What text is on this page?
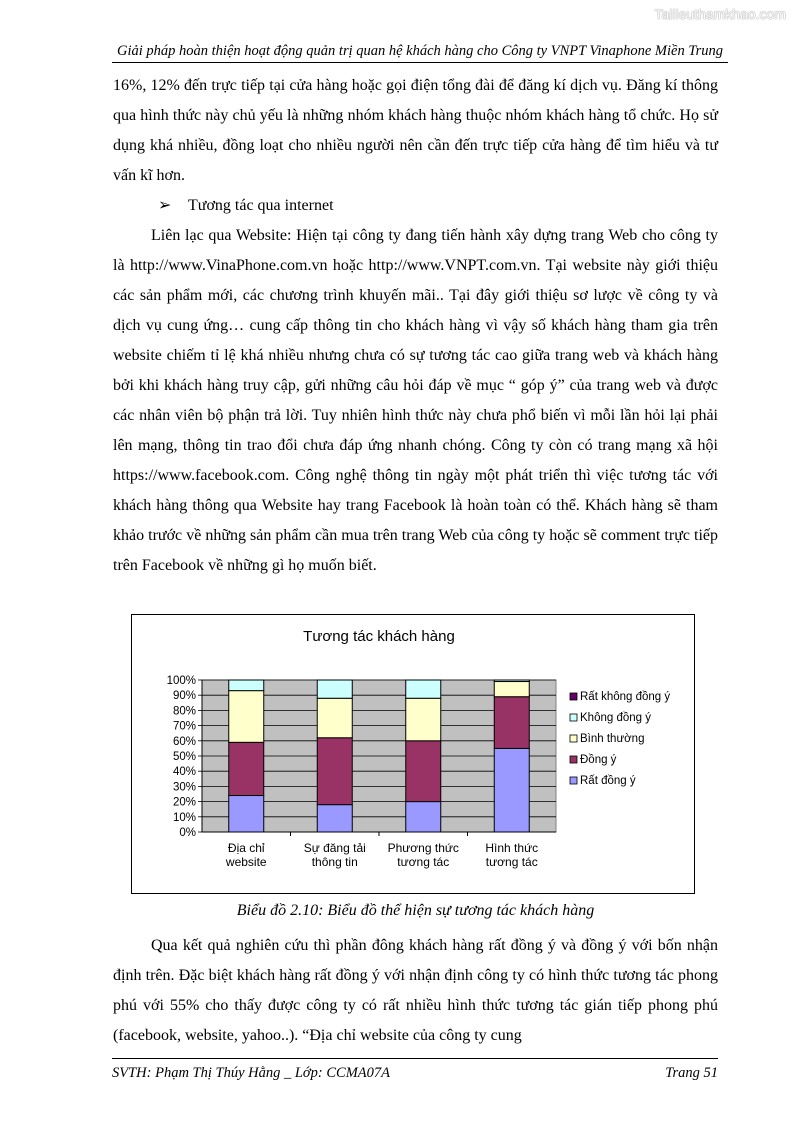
Tailieuthamkhao.com
Giải pháp hoàn thiện hoạt động quản trị quan hệ khách hàng cho Công ty VNPT Vinaphone Miền Trung

16%, 12% đến trực tiếp tại cửa hàng hoặc gọi điện tổng đài để đăng kí dịch vụ. Đăng kí thông qua hình thức này chủ yếu là những nhóm khách hàng thuộc nhóm khách hàng tổ chức. Họ sử dụng khá nhiều, đồng loạt cho nhiều người nên cần đến trực tiếp cửa hàng để tìm hiểu và tư vấn kĩ hơn.

➢ Tương tác qua internet

Liên lạc qua Website: Hiện tại công ty đang tiến hành xây dựng trang Web cho công ty là http://www.VinaPhone.com.vn hoặc http://www.VNPT.com.vn. Tại website này giới thiệu các sản phẩm mới, các chương trình khuyến mãi.. Tại đây giới thiệu sơ lược về công ty và dịch vụ cung ứng… cung cấp thông tin cho khách hàng vì vậy số khách hàng tham gia trên website chiếm tỉ lệ khá nhiều nhưng chưa có sự tương tác cao giữa trang web và khách hàng bởi khi khách hàng truy cập, gửi những câu hỏi đáp về mục “ góp ý” của trang web và được các nhân viên bộ phận trả lời. Tuy nhiên hình thức này chưa phổ biến vì mỗi lần hỏi lại phải lên mạng, thông tin trao đổi chưa đáp ứng nhanh chóng. Công ty còn có trang mạng xã hội https://www.facebook.com. Công nghệ thông tin ngày một phát triển thì việc tương tác với khách hàng thông qua Website hay trang Facebook là hoàn toàn có thể. Khách hàng sẽ tham khảo trước về những sản phẩm cần mua trên trang Web của công ty hoặc sẽ comment trực tiếp trên Facebook về những gì họ muốn biết.

Tương tác khách hàng
0%
10%
20%
30%
40%
50%
60%
70%
80%
90%
100%
Địa chỉ
website
Sự đăng tải
thông tin
Phương thức
tương tác
Hình thức
tương tác
Rất không đồng ý
Không đồng ý
Bình thường
Đồng ý
Rất đồng ý
Biểu đồ 2.10: Biểu đồ thể hiện sự tương tác khách hàng

Qua kết quả nghiên cứu thì phần đông khách hàng rất đồng ý và đồng ý với bốn nhận định trên. Đặc biệt khách hàng rất đồng ý với nhận định công ty có hình thức tương tác phong phú với 55% cho thấy được công ty có rất nhiều hình thức tương tác gián tiếp phong phú (facebook, website, yahoo..). “Địa chỉ website của công ty cung

SVTH: Phạm Thị Thúy Hằng _ Lớp: CCMA07A	Trang 51
